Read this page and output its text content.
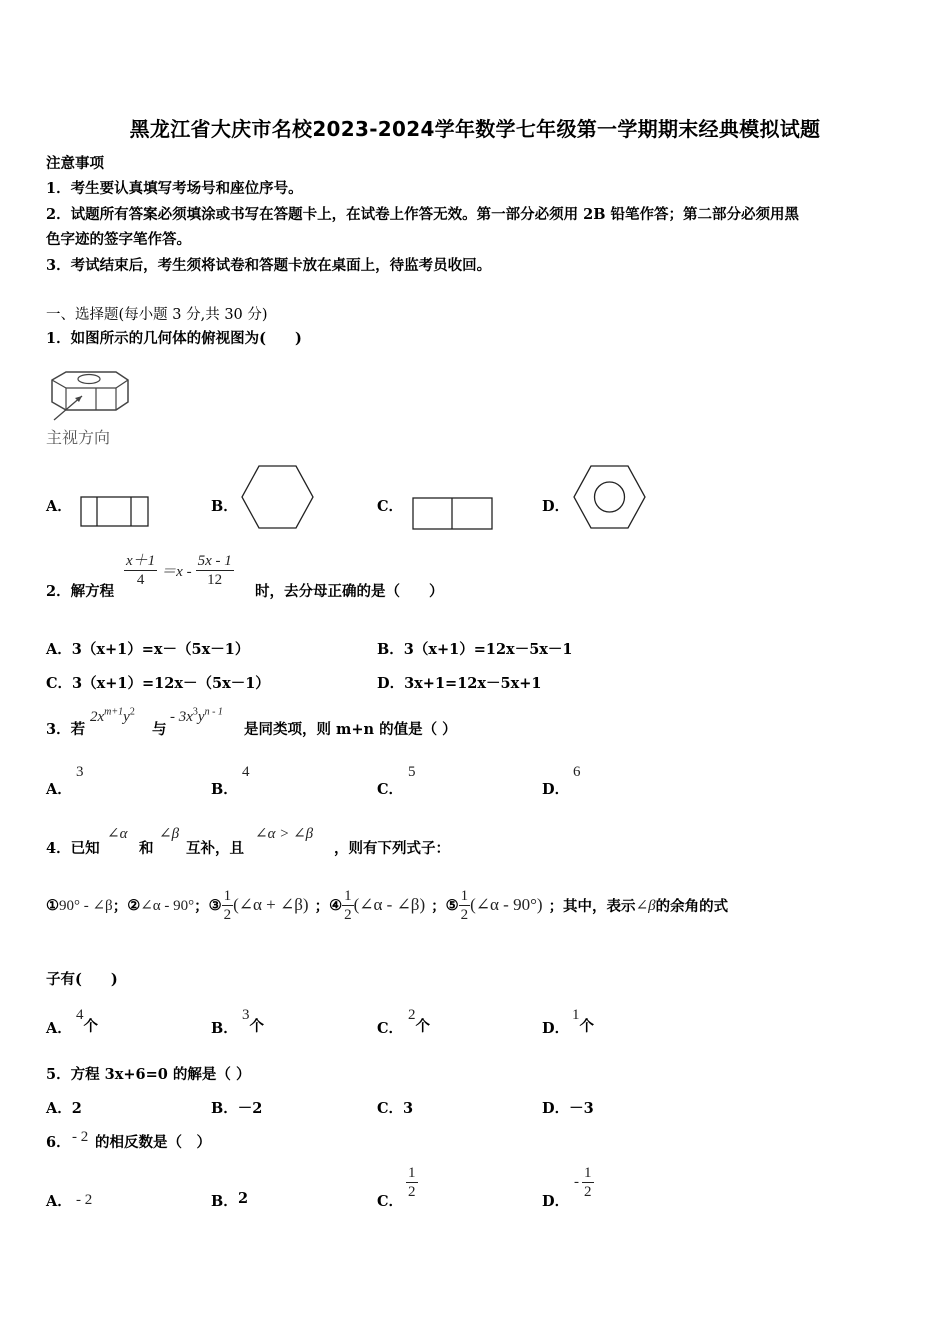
黑龙江省大庆市名校2023-2024学年数学七年级第一学期期末经典模拟试题
注意事项
1．考生要认真填写考场号和座位序号。
2．试题所有答案必须填涂或书写在答题卡上，在试卷上作答无效。第一部分必须用 2B 铅笔作答；第二部分必须用黑
色字迹的签字笔作答。
3．考试结束后，考生须将试卷和答题卡放在桌面上，待监考员收回。
一、选择题(每小题 3 分,共 30 分)
1．如图所示的几何体的俯视图为(　　)
主视方向
A．	B．	C．	D．
2．解方程
$\frac{x+1}{4} =x - \frac{5x - 1}{12}$
时，去分母正确的是（　　）
A．3（x+1）=x－（5x－1）	B．3（x+1）=12x－5x－1
C．3（x+1）=12x－（5x－1）	D．3x+1=12x－5x+1
3．若
$2x^{m+1}y^2$
与
- $3x^3y^{n - 1}$
是同类项，则 m+n 的值是（ ）
A．
3
B．
4
C．
5
D．
6
4．已知
∠α
和
∠β
互补，且
∠α > ∠β
，则有下列式子：
① 90° - ∠β ； ② ∠α - 90° ； ③ $\frac{1}{2}$ (∠α + ∠β) ； ④ $\frac{1}{2}$ (∠α - ∠β) ； ⑤ $\frac{1}{2}$ (∠α - 90°) ；其中，表示 ∠β 的余角的式
子有(　　)
A．
4个	B．
3个	C．
2个	D．
1个
5．方程 3x+6=0 的解是（ ）
A．2	B．－2	C．3	D．－3
6． - 2 的相反数是（　）
A． - 2	B． 2	C．
$\frac{1}{2}$
D．
- $\frac{1}{2}$
